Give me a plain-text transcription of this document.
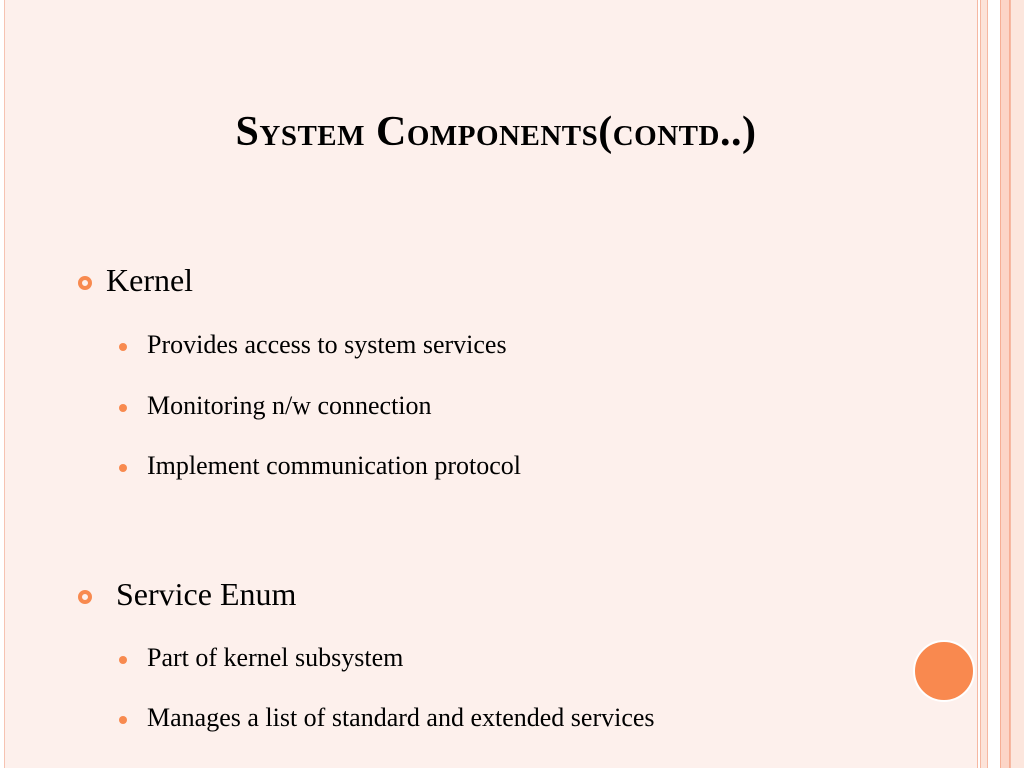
System Components(contd..)
Kernel
Provides access to system services
Monitoring n/w connection
Implement communication protocol
Service Enum
Part of kernel subsystem
Manages a list of standard and extended services
